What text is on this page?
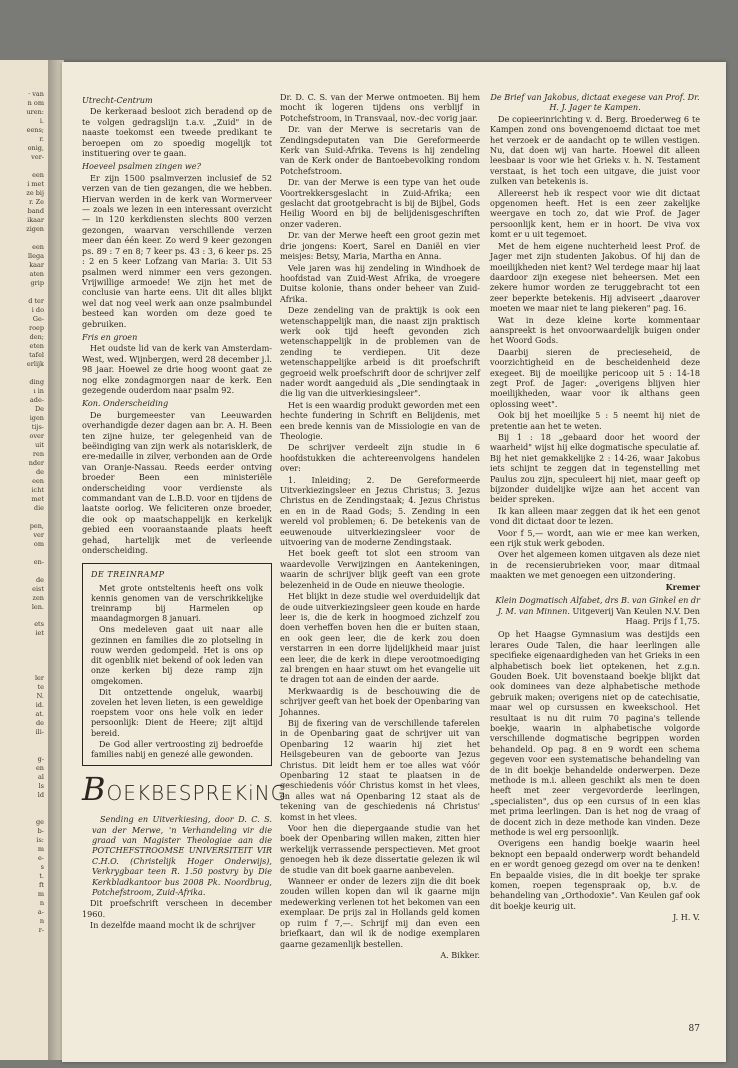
· van
n om
uren:
i.
eens;
r.
onig,
ver-
een
i met
ze bij
r. Ze
band
ikaar
zigen
een
llega
kaar
aten
grip
d ter
i do
Ge-
roep
den;
eten
tafel
erlijk
ding
ı in
ade-
De
igen
tijs-
over
uit
ren
nder
de
een
icht
met
die
pen,
ver
om
en-
de
eist
zen
len.
ets
iet
ler
te
N.
id.
at.
de
ili-
g-
en
al
ls
ld
ge
b-
is:
m
e-
s
t.
ft
m
n
a-
n
r-

Utrecht-Centrum

De kerkeraad besloot zich beradend op de te volgen gedragslijn t.a.v. „Zuid" in de naaste toekomst een tweede predikant te beroepen om zo spoedig mogelijk tot instituering over te gaan.

Hoeveel psalmen zingen we?

Er zijn 1500 psalmverzen inclusief de 52 verzen van de tien gezangen, die we hebben. Hiervan werden in de kerk van Wormerveer — zoals we lezen in een interessant overzicht — in 120 kerkdiensten slechts 800 verzen gezongen, waarvan verschillende verzen meer dan één keer. Zo werd 9 keer gezongen ps. 89 : 7 en 8; 7 keer ps. 43 : 3, 6 keer ps. 25 : 2 en 5 keer Lofzang van Maria: 3. Uit 53 psalmen werd nimmer een vers gezongen. Vrijwillige armoede! We zijn het met de conclusie van harte eens. Uit dit alles blijkt wel dat nog veel werk aan onze psalmbundel besteed kan worden om deze goed te gebruiken.

Fris en groen

Het oudste lid van de kerk van Amsterdam-West, wed. Wijnbergen, werd 28 december j.l. 98 jaar. Hoewel ze drie hoog woont gaat ze nog elke zondagmorgen naar de kerk. Een gezegende ouderdom naar psalm 92.

Kon. Onderscheiding

De burgemeester van Leeuwarden overhandigde dezer dagen aan br. A. H. Been ten zijne huize, ter gelegenheid van de beëindiging van zijn werk als notarisklerk, de ere-medaille in zilver, verbonden aan de Orde van Oranje-Nassau. Reeds eerder ontving broeder Been een ministeriële onderscheiding voor verdienste als commandant van de L.B.D. voor en tijdens de laatste oorlog. We feliciteren onze broeder, die ook op maatschappelijk en kerkelijk gebied een vooraanstaande plaats heeft gehad, hartelijk met de verleende onderscheiding.

DE TREINRAMP

Met grote ontsteltenis heeft ons volk kennis genomen van de verschrikkelijke treinramp bij Harmelen op maandagmorgen 8 januari.

Ons medeleven gaat uit naar alle gezinnen en families die zo plotseling in rouw werden gedompeld. Het is ons op dit ogenblik niet bekend of ook leden van onze kerken bij deze ramp zijn omgekomen.

Dit ontzettende ongeluk, waarbij zovelen het leven lieten, is een geweldige roepstem voor ons hele volk en ieder persoonlijk: Dient de Heere; zijt altijd bereid.

De God aller vertroosting zij bedroefde families nabij en genezé alle gewonden.

BOEKBESPREKiNG

Sending en Uitverkiesing, door D. C. S. van der Merwe, 'n Verhandeling vir die graad van Magister Theologiae aan die POTCHEFSTROOMSE UNIVERSITEIT VIR C.H.O. (Christelijk Hoger Onderwijs), Verkrygbaar teen R. 1.50 postvry by Die Kerkbladkantoor bus 2008 Pk. Noordbrug, Potchefstroom, Zuid-Afrika.

Dit proefschrift verscheen in december 1960.

In dezelfde maand mocht ik de schrijver

Dr. D. C. S. van der Merwe ontmoeten. Bij hem mocht ik logeren tijdens ons verblijf in Potchefstroom, in Transvaal, nov.-dec vorig jaar.

Dr. van der Merwe is secretaris van de Zendingsdeputaten van Die Gereformeerde Kerk van Suid-Afrika. Tevens is hij zendeling van de Kerk onder de Bantoebevolking rondom Potchefstroom.

Dr. van der Merwe is een type van het oude Voortrekkersgeslacht in Zuid-Afrika; een geslacht dat grootgebracht is bij de Bijbel, Gods Heilig Woord en bij de belijdenisgeschriften onzer vaderen.

Dr. van der Merwe heeft een groot gezin met drie jongens: Koert, Sarel en Daniël en vier meisjes: Betsy, Maria, Martha en Anna.

Vele jaren was hij zendeling in Windhoek de hoofdstad van Zuid-West Afrika, de vroegere Duitse kolonie, thans onder beheer van Zuid-Afrika.

Deze zendeling van de praktijk is ook een wetenschappelijk man, die naast zijn praktisch werk ook tijd heeft gevonden zich wetenschappelijk in de problemen van de zending te verdiepen. Uit deze wetenschappelijke arbeid is dit proefschrift gegroeid welk proefschrift door de schrijver zelf nader wordt aangeduid als „Die sendingtaak in die lig van die uitverkiesingsleer".

Het is een waardig produkt geworden met een hechte fundering in Schrift en Belijdenis, met een brede kennis van de Missiologie en van de Theologie.

De schrijver verdeelt zijn studie in 6 hoofdstukken die achtereenvolgens handelen over:

1. Inleiding; 2. De Gereformeerde Uitverkiezingsleer en Jezus Christus; 3. Jezus Christus en de Zendingstaak; 4. Jezus Christus en en in de Raad Gods; 5. Zending in een wereld vol problemen; 6. De betekenis van de eeuwenoude uitverkiezingsleer voor de uitvoering van de moderne Zendingstaak.

Het boek geeft tot slot een stroom van waardevolle Verwijzingen en Aantekeningen, waarin de schrijver blijk geeft van een grote belezenheid in de Oude en nieuwe theologie.

Het blijkt in deze studie wel overduidelijk dat de oude uitverkiezingsleer geen koude en harde leer is, die de kerk in hoogmoed zichzelf zou doen verheffen boven hen die er buiten staan, en ook geen leer, die de kerk zou doen verstarren in een dorre lijdelijkheid maar juist een leer, die de kerk in diepe verootmoediging zal brengen en haar stuwt om het evangelie uit te dragen tot aan de einden der aarde.

Merkwaardig is de beschouwing die de schrijver geeft van het boek der Openbaring van Johannes.

Bij de fixering van de verschillende taferelen in de Openbaring gaat de schrijver uit van Openbaring 12 waarin hij ziet het Heilsgebeuren van de geboorte van Jezus Christus. Dit leidt hem er toe alles wat vóór Openbaring 12 staat te plaatsen in de geschiedenis vóór Christus komst in het vlees, en alles wat ná Openbaring 12 staat als de tekening van de geschiedenis ná Christus' komst in het vlees.

Voor hen die diepergaande studie van het boek der Openbaring willen maken, zitten hier werkelijk verrassende perspectieven. Met groot genoegen heb ik deze dissertatie gelezen ik wil de studie van dit boek gaarne aanbevelen.

Wanneer er onder de lezers zijn die dit boek zouden willen kopen dan wil ik gaarne mijn medewerking verlenen tot het bekomen van een exemplaar. De prijs zal in Hollands geld komen op ruim f 7,—. Schrijf mij dan even een briefkaart, dan wil ik de nodige exemplaren gaarne gezamenlijk bestellen.

A. Bikker.

De Brief van Jakobus, dictaat exegese van Prof. Dr. H. J. Jager te Kampen.

De copieerinrichting v. d. Berg. Broederweg 6 te Kampen zond ons bovengenoemd dictaat toe met het verzoek er de aandacht op te willen vestigen. Nu, dat doen wij van harte. Hoewel dit alleen leesbaar is voor wie het Grieks v. h. N. Testament verstaat, is het toch een uitgave, die juist voor zulken van betekenis is.

Allereerst heb ik respect voor wie dit dictaat opgenomen heeft. Het is een zeer zakelijke weergave en toch zo, dat wie Prof. de Jager persoonlijk kent, hem er in hoort. De viva vox komt er u uit tegemoet.

Met de hem eigene nuchterheid leest Prof. de Jager met zijn studenten Jakobus. Of hij dan de moeilijkheden niet kent? Wel terdege maar hij laat daardoor zijn exegese niet beheersen. Met een zekere humor worden ze teruggebracht tot een zeer beperkte betekenis. Hij adviseert „daarover moeten we maar niet te lang piekeren" pag. 16.

Wat in deze kleine korte kommentaar aanspreekt is het onvoorwaardelijk buigen onder het Woord Gods.

Daarbij sieren de precieseheid, de voorzichtigheid en de bescheidenheid deze exegeet. Bij de moeilijke pericoop uit 5 : 14-18 zegt Prof. de Jager: „overigens blijven hier moeilijkheden, waar voor ik althans geen oplossing weet".

Ook bij het moeilijke 5 : 5 neemt hij niet de pretentie aan het te weten.

Bij 1 : 18 „gebaard door het woord der waarheid" wijst hij elke dogmatische speculatie af. Bij het niet gemakkelijke 2 : 14-26, waar Jakobus iets schijnt te zeggen dat in tegenstelling met Paulus zou zijn, speculeert hij niet, maar geeft op bijzonder duidelijke wijze aan het accent van beider spreken.

Ik kan alleen maar zeggen dat ik het een genot vond dit dictaat door te lezen.

Voor f 5,— wordt, aan wie er mee kan werken, een rijk stuk werk geboden.

Over het algemeen komen uitgaven als deze niet in de recensierubrieken voor, maar ditmaal maakten we met genoegen een uitzondering.

Kremer

Klein Dogmatisch Alfabet, drs B. van Ginkel en dr J. M. van Minnen. Uitgeverij Van Keulen N.V. Den Haag. Prijs f 1,75.

Op het Haagse Gymnasium was destijds een lerares Oude Talen, die haar leerlingen alle specifieke eigenaardigheden van het Grieks in een alphabetisch boek liet optekenen, het z.g.n. Gouden Boek. Uit bovenstaand boekje blijkt dat ook dominees van deze alphabetische methode gebruik maken; overigens niet op de catechisatie, maar wel op cursussen en kweekschool. Het resultaat is nu dit ruim 70 pagina's tellende boekje, waarin in alphabetische volgorde verschillende dogmatische begrippen worden behandeld. Op pag. 8 en 9 wordt een schema gegeven voor een systematische behandeling van de in dit boekje behandelde onderwerpen. Deze methode is m.i. alleen geschikt als men te doen heeft met zeer vergevorderde leerlingen, „specialisten", dus op een cursus of in een klas met prima leerlingen. Dan is het nog de vraag of de docent zich in deze methode kan vinden. Deze methode is wel erg persoonlijk.

Overigens een handig boekje waarin heel beknopt een bepaald onderwerp wordt behandeld en er wordt genoeg gezegd om over na te denken! En bepaalde visies, die in dit boekje ter sprake komen, roepen tegenspraak op, b.v. de behandeling van „Orthodoxie". Van Keulen gaf ook dit boekje keurig uit.

J. H. V.

87
